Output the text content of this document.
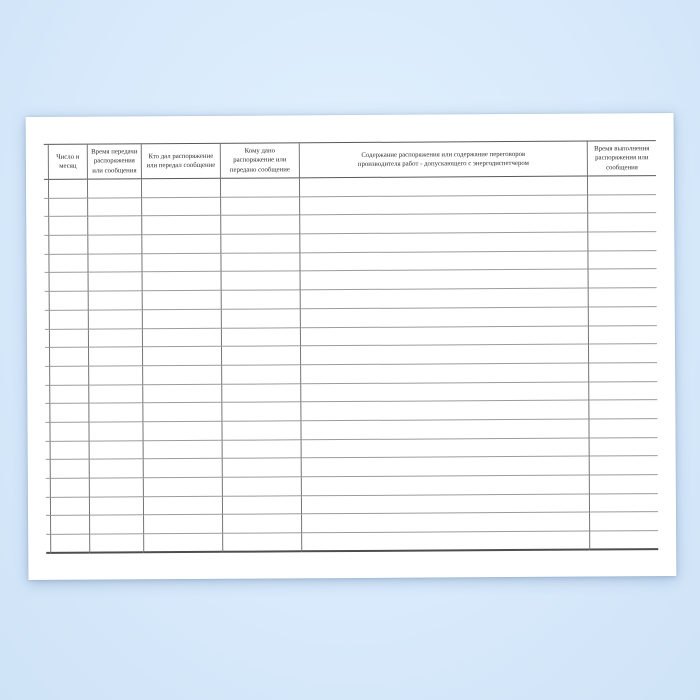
Число и
месяц
Время передачи
распоряжения
или сообщения
Кто дал распоряжение
или передал сообщение
Кому дано
распоряжение или
передано сообщение
Содержание распоряжения или содержание переговоров
производителя работ - допускающего с энергодиспетчером
Время выполнения
распоряжения или
сообщения
